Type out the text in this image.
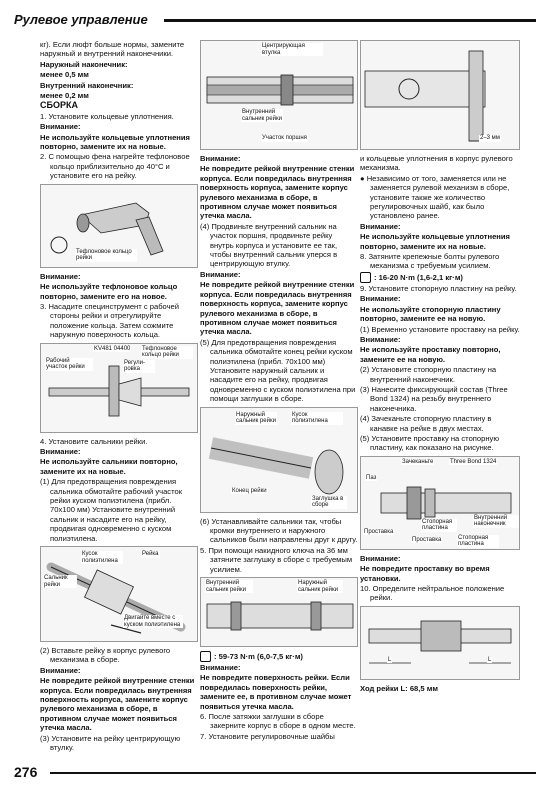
Рулевое управление

кг). Если люфт больше нормы, замените наружный и внутренний наконечники.

Наружный наконечник:

менее 0,5 мм

Внутренний наконечник:

менее 0,2 мм

СБОРКА

1. Установите кольцевые уплотнения.

Внимание:

Не используйте кольцевые уплотнения повторно, замените их на новые.

2. С помощью фена нагрейте тефлоновое кольцо приблизительно до 40°C и установите его на рейку.

Тефлоновое кольцо рейки

Внимание:

Не используйте тефлоновое кольцо повторно, замените его на новое.

3. Насадите специнструмент с рабочей стороны рейки и отрегулируйте положение кольца. Затем сожмите наружную поверхность кольца.

KV481 04400 Тефлоновое кольцо рейки
Рабочий участок рейки
Регули-ровка

4. Установите сальники рейки.

Внимание:

Не используйте сальники повторно, замените их на новые.

(1) Для предотвращения повреждения сальника обмотайте рабочий участок рейки куском полиэтилена (прибл. 70х100 мм) Установите внутренний сальник и насадите его на рейку, продвигая одновременно с куском полиэтилена.

Кусок полиэтилена
Рейка
Сальник рейки
Двигайте вместе с куском полиэтилена

(2) Вставьте рейку в корпус рулевого механизма в сборе.

Внимание:

Не повредите рейкой внутренние стенки корпуса. Если повредилась внутренняя поверхность корпуса, замените корпус рулевого механизма в сборе, в противном случае может появиться утечка масла.

(3) Установите на рейку центрирующую втулку.

Центрирующая втулка
Внутренний сальник рейки
Участок поршня

Внимание:

Не повредите рейкой внутренние стенки корпуса. Если повредилась внутренняя поверхность корпуса, замените корпус рулевого механизма в сборе, в противном случае может появиться утечка масла.

(4) Продвиньте внутренний сальник на участок поршня, продвиньте рейку внутрь корпуса и установите ее так, чтобы внутренний сальник уперся в центрирующую втулку.

Внимание:

Не повредите рейкой внутренние стенки корпуса. Если повредилась внутренняя поверхность корпуса, замените корпус рулевого механизма в сборе, в противном случае может появиться утечка масла.

(5) Для предотвращения повреждения сальника обмотайте конец рейки куском полиэтилена (прибл. 70х100 мм) Установите наружный сальник и насадите его на рейку, продвигая одновременно с куском полиэтилена при помощи заглушки в сборе.

Наружный сальник рейки
Кусок полиэтилена
Конец рейки
Заглушка в сборе

(6) Устанавливайте сальники так, чтобы кромки внутреннего и наружного сальников были направлены друг к другу.

5. При помощи накидного ключа на 36 мм затяните заглушку в сборе с требуемым усилием.

Внутренний сальник рейки
Наружный сальник рейки

: 59-73 N·m (6,0-7,5 кг·м)

Внимание:

Не повредите поверхность рейки. Если повредилась поверхность рейки, замените ее, в противном случае может появиться утечка масла.

6. После затяжки заглушки в сборе закерните корпус в сборе в одном месте.

7. Установите регулировочные шайбы

2–3 мм

и кольцевые уплотнения в корпус рулевого механизма.

● Независимо от того, заменяется или не заменяется рулевой механизм в сборе, установите также же количество регулировочных шайб, как было установлено ранее.

Внимание:

Не используйте кольцевые уплотнения повторно, замените их на новые.

8. Затяните крепежные болты рулевого механизма с требуемым усилием.

: 16-20 N·m (1,6-2,1 кг·м)

9. Установите стопорную пластину на рейку.

Внимание:

Не используйте стопорную пластину повторно, замените ее на новую.

(1) Временно установите проставку на рейку.

Внимание:

Не используйте проставку повторно, замените ее на новую.

(2) Установите стопорную пластину на внутренний наконечник.

(3) Нанесите фиксирующий состав (Three Bond 1324) на резьбу внутреннего наконечника.

(4) Зачеканьте стопорную пластину в канавке на рейке в двух местах.

(5) Установите проставку на стопорную пластину, как показано на рисунке.

Зачеканьте	Three Bond 1324
Паз
Стопорная пластина
Проставка
Проставка
Внутренний наконечник
Стопорная пластина

Внимание:

Не повредите проставку во время установки.

10. Определите нейтральное положение рейки.

L	L

Ход рейки L: 68,5 мм

276
